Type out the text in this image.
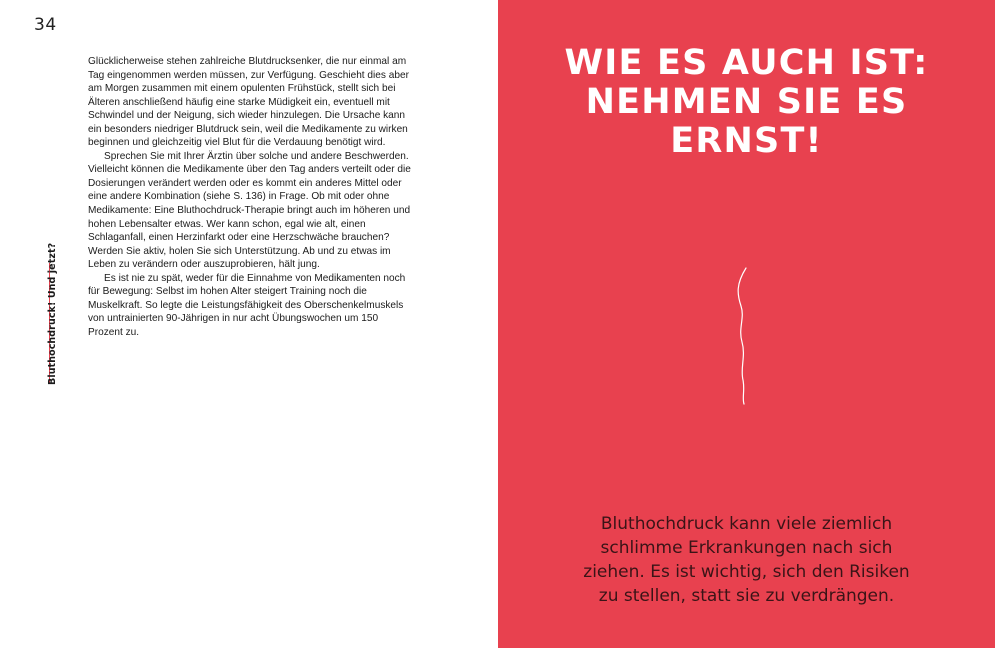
34
Bluthochdruck! Und jetzt?

Glücklicherweise stehen zahlreiche Blutdrucksenker, die nur einmal am Tag eingenommen werden müssen, zur Verfügung. Geschieht dies aber am Morgen zusammen mit einem opulenten Frühstück, stellt sich bei Älteren anschließend häufig eine starke Müdigkeit ein, eventuell mit Schwindel und der Neigung, sich wieder hinzulegen. Die Ursache kann ein besonders niedriger Blutdruck sein, weil die Medikamente zu wirken beginnen und gleichzeitig viel Blut für die Verdauung benötigt wird.

Sprechen Sie mit Ihrer Ärztin über solche und andere Beschwerden. Vielleicht können die Medikamente über den Tag anders verteilt oder die Dosierungen verändert werden oder es kommt ein anderes Mittel oder eine andere Kombination (siehe S. 136) in Frage. Ob mit oder ohne Medikamente: Eine Bluthochdruck-Therapie bringt auch im höheren und hohen Lebensalter etwas. Wer kann schon, egal wie alt, einen Schlaganfall, einen Herzinfarkt oder eine Herzschwäche brauchen? Werden Sie aktiv, holen Sie sich Unterstützung. Ab und zu etwas im Leben zu verändern oder auszuprobieren, hält jung.

Es ist nie zu spät, weder für die Einnahme von Medikamenten noch für Bewegung: Selbst im hohen Alter steigert Training noch die Muskelkraft. So legte die Leistungsfähigkeit des Oberschenkelmuskels von untrainierten 90-Jährigen in nur acht Übungswochen um 150 Prozent zu.

WIE ES AUCH IST:
NEHMEN SIE ES
ERNST!
Bluthochdruck kann viele ziemlich
schlimme Erkrankungen nach sich
ziehen. Es ist wichtig, sich den Risiken
zu stellen, statt sie zu verdrängen.
